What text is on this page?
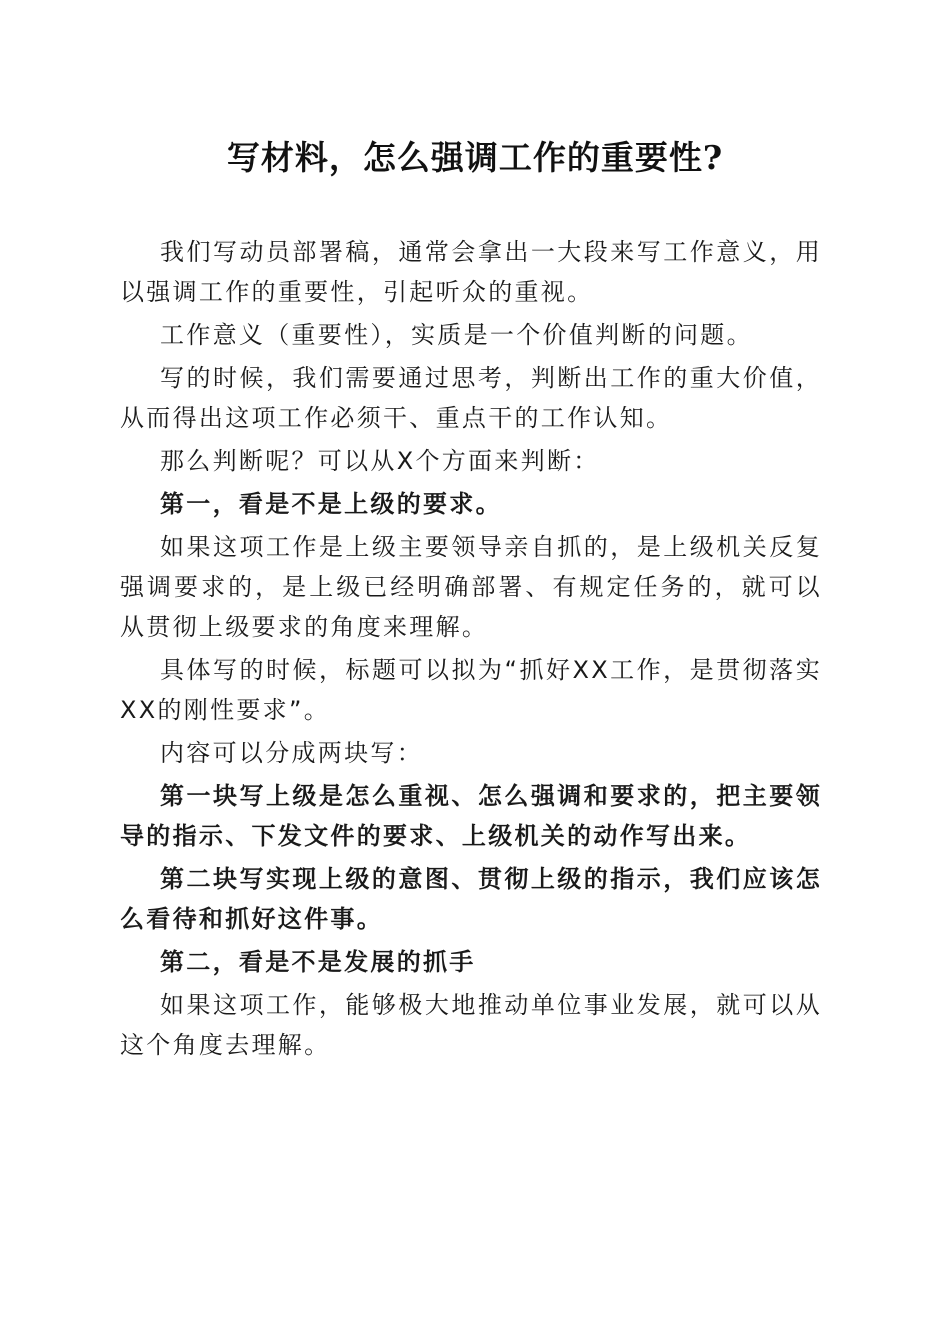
写材料，怎么强调工作的重要性?

我们写动员部署稿，通常会拿出一大段来写工作意义，用以强调工作的重要性，引起听众的重视。

工作意义（重要性），实质是一个价值判断的问题。

写的时候，我们需要通过思考，判断出工作的重大价值，从而得出这项工作必须干、重点干的工作认知。

那么判断呢？可以从X个方面来判断：

第一，看是不是上级的要求。

如果这项工作是上级主要领导亲自抓的，是上级机关反复强调要求的，是上级已经明确部署、有规定任务的，就可以从贯彻上级要求的角度来理解。

具体写的时候，标题可以拟为“抓好XX工作，是贯彻落实XX的刚性要求”。

内容可以分成两块写：

第一块写上级是怎么重视、怎么强调和要求的，把主要领导的指示、下发文件的要求、上级机关的动作写出来。

第二块写实现上级的意图、贯彻上级的指示，我们应该怎么看待和抓好这件事。

第二，看是不是发展的抓手

如果这项工作，能够极大地推动单位事业发展，就可以从这个角度去理解。
